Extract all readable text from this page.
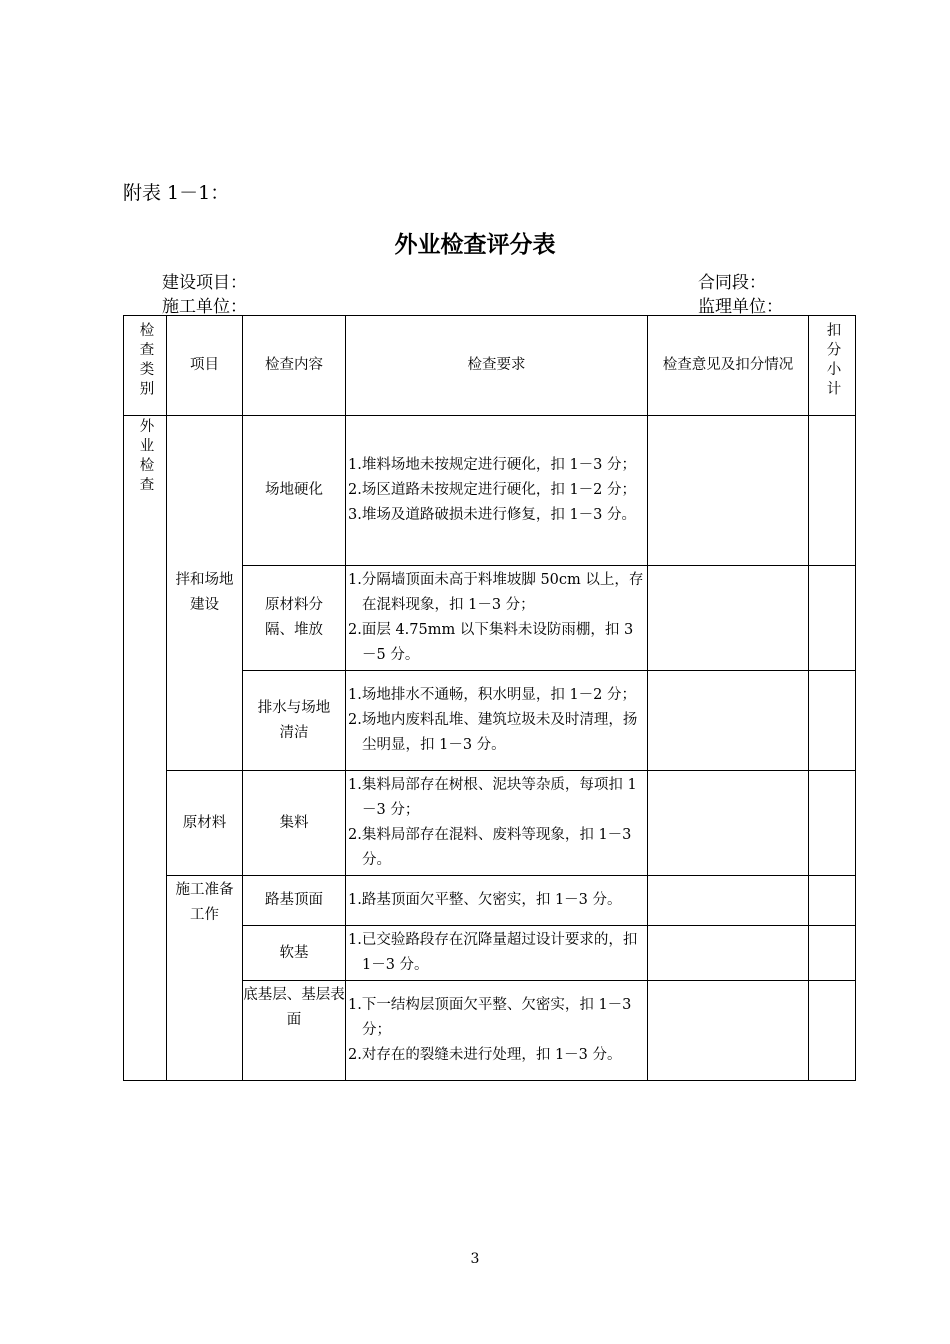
附表 1－1：
外业检查评分表
建设项目：	合同段：
施工单位：	监理单位：
检查类别	项目	检查内容	检查要求	检查意见及扣分情况	扣分小计
外业检查	拌和场地建设	场地硬化	1.堆料场地未按规定进行硬化，扣 1－3 分；
2.场区道路未按规定进行硬化，扣 1－2 分；
3.堆场及道路破损未进行修复，扣 1－3 分。		

		原材料分隔、堆放	1.分隔墙顶面未高于料堆坡脚 50cm 以上，存在混料现象，扣 1－3 分；
2.面层 4.75mm 以下集料未设防雨棚，扣 3－5 分。		

		排水与场地清洁	1.场地排水不通畅，积水明显，扣 1－2 分；
2.场地内废料乱堆、建筑垃圾未及时清理，扬尘明显，扣 1－3 分。		

	原材料	集料	1.集料局部存在树根、泥块等杂质，每项扣 1－3 分；
2.集料局部存在混料、废料等现象，扣 1－3 分。		

	施工准备工作	路基顶面	1.路基顶面欠平整、欠密实，扣 1－3 分。		

		软基	1.已交验路段存在沉降量超过设计要求的，扣 1－3 分。		

		底基层、基层表面	1.下一结构层顶面欠平整、欠密实，扣 1－3 分；
2.对存在的裂缝未进行处理，扣 1－3 分。		

3
